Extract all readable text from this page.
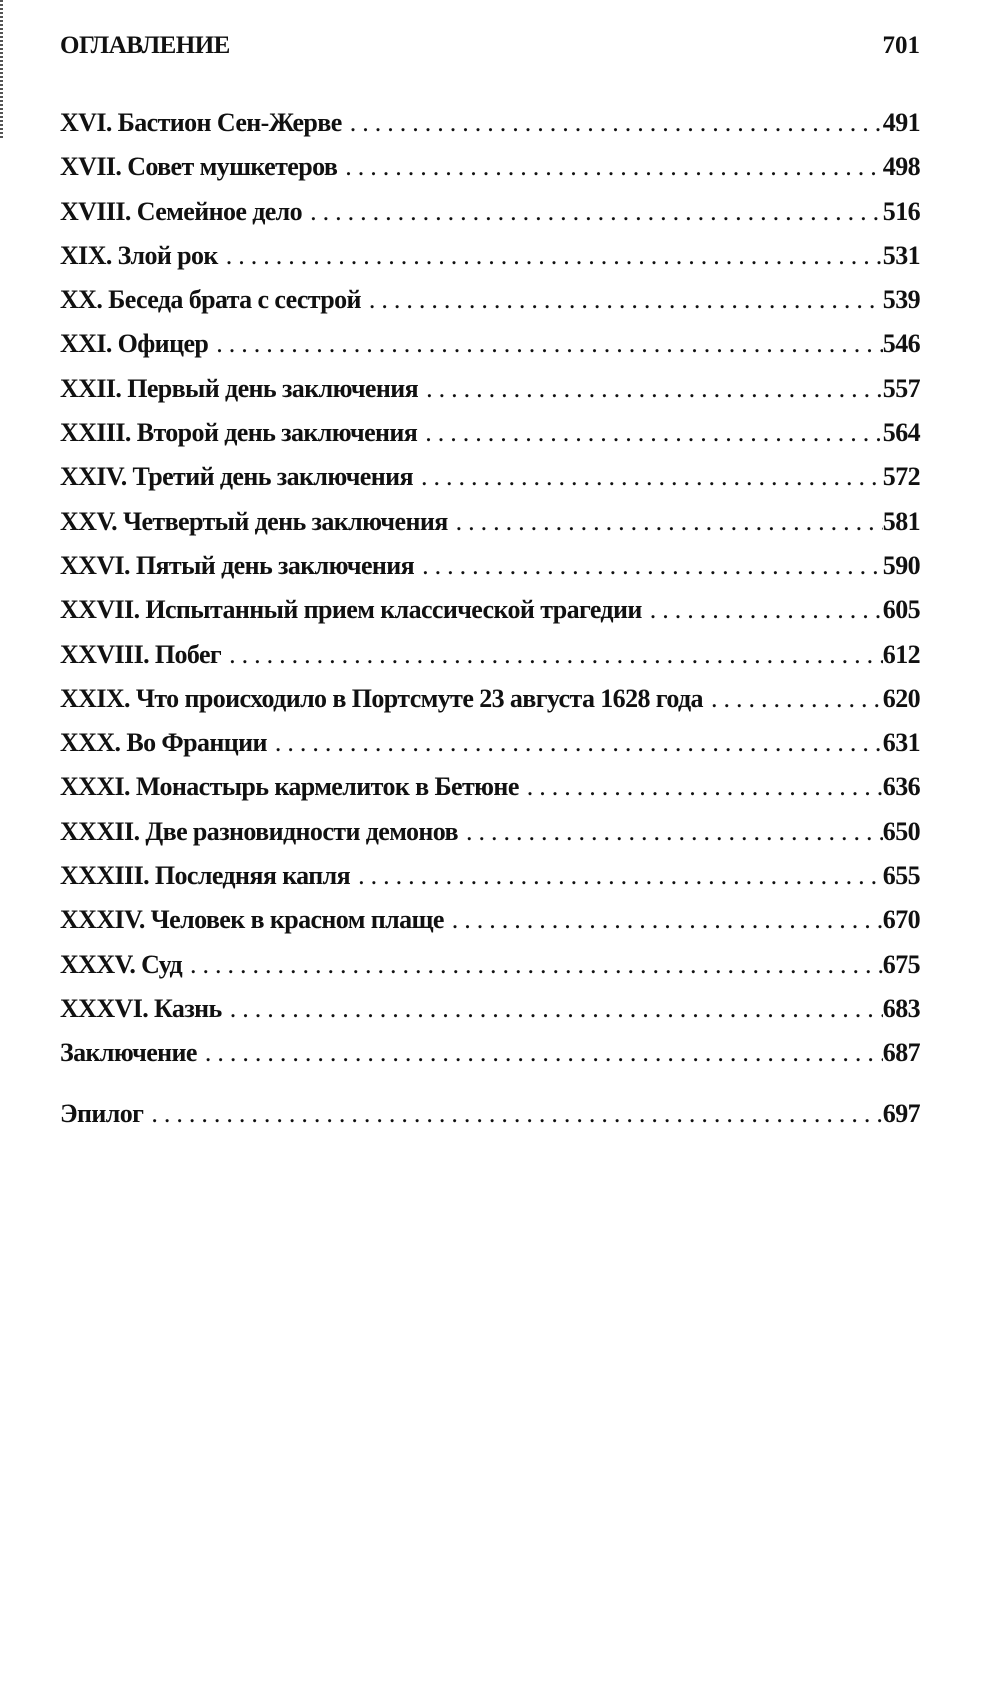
ОГЛАВЛЕНИЕ	701
XVI. Бастион Сен-Жерве .....	491
XVII. Совет мушкетеров .....	498
XVIII. Семейное дело .....	516
XIX. Злой рок .....	531
XX. Беседа брата с сестрой .....	539
XXI. Офицер .....	546
XXII. Первый день заключения .....	557
XXIII. Второй день заключения .....	564
XXIV. Третий день заключения .....	572
XXV. Четвертый день заключения .....	581
XXVI. Пятый день заключения .....	590
XXVII. Испытанный прием классической трагедии .....	605
XXVIII. Побег .....	612
XXIX. Что происходило в Портсмуте 23 августа 1628 года .....	620
XXX. Во Франции .....	631
XXXI. Монастырь кармелиток в Бетюне .....	636
XXXII. Две разновидности демонов .....	650
XXXIII. Последняя капля .....	655
XXXIV. Человек в красном плаще .....	670
XXXV. Суд .....	675
XXXVI. Казнь .....	683
Заключение .....	687
Эпилог .....	697
